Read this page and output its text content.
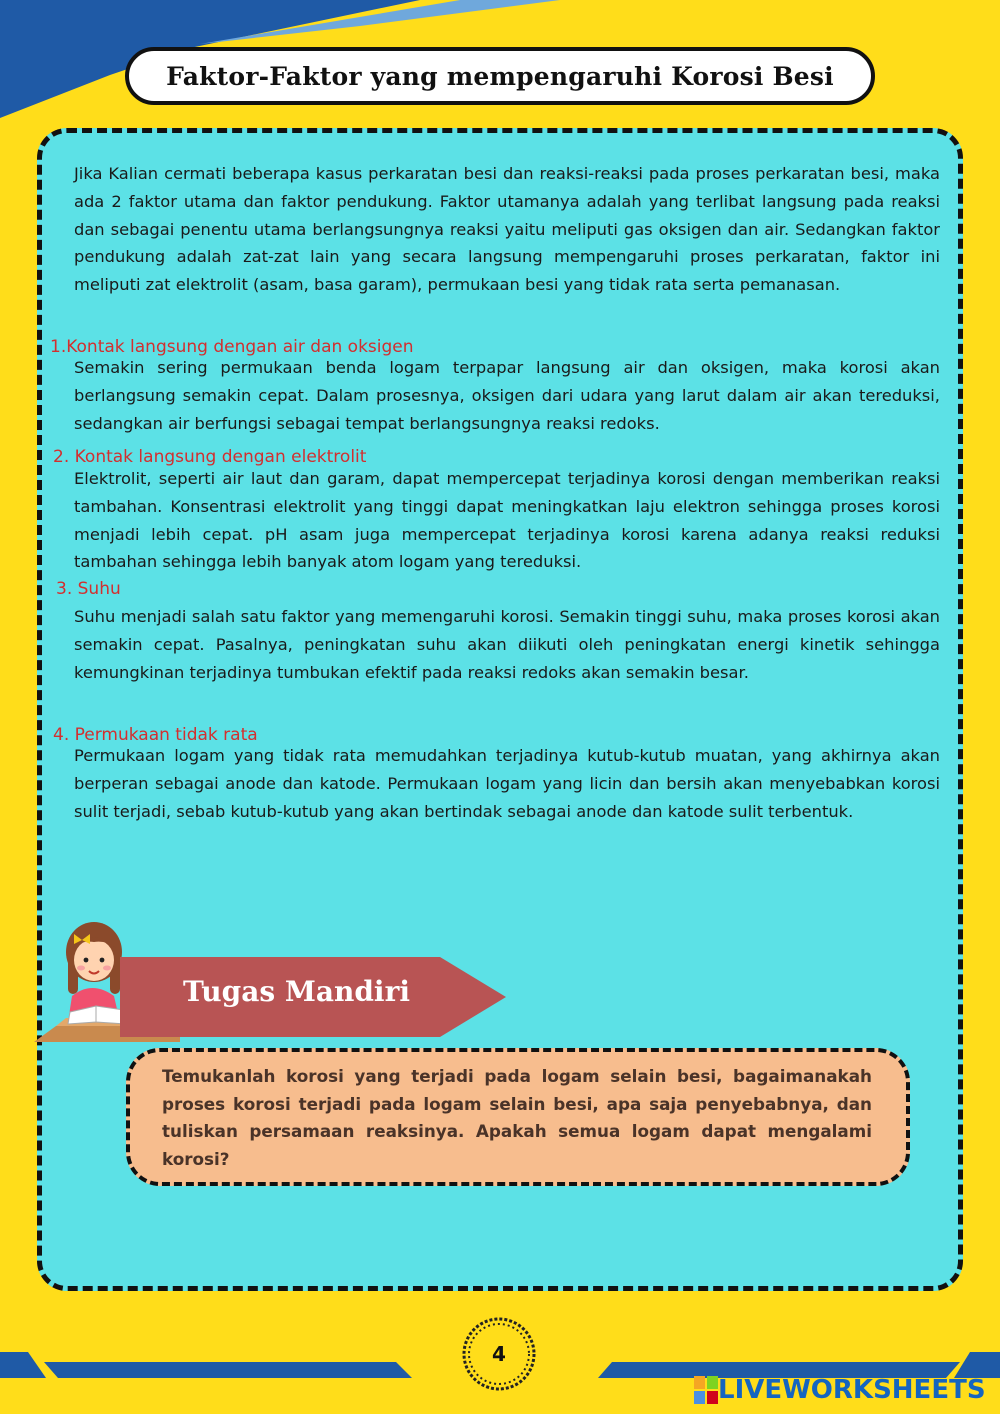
Faktor-Faktor yang mempengaruhi Korosi Besi

Jika Kalian cermati beberapa kasus perkaratan besi dan reaksi-reaksi pada proses perkaratan besi, maka ada 2 faktor utama dan faktor pendukung. Faktor utamanya adalah yang terlibat langsung pada reaksi dan sebagai penentu utama berlangsungnya reaksi yaitu meliputi gas oksigen dan air. Sedangkan faktor pendukung adalah zat-zat lain yang secara langsung mempengaruhi proses perkaratan, faktor ini meliputi zat elektrolit (asam, basa garam), permukaan besi yang tidak rata serta pemanasan.

1.Kontak langsung dengan air dan oksigen

Semakin sering permukaan benda logam terpapar langsung air dan oksigen, maka korosi akan berlangsung semakin cepat. Dalam prosesnya, oksigen dari udara yang larut dalam air akan tereduksi, sedangkan air berfungsi sebagai tempat berlangsungnya reaksi redoks.

2. Kontak langsung dengan elektrolit

Elektrolit, seperti air laut dan garam, dapat mempercepat terjadinya korosi dengan memberikan reaksi tambahan. Konsentrasi elektrolit yang tinggi dapat meningkatkan laju elektron sehingga proses korosi menjadi lebih cepat. pH asam juga mempercepat terjadinya korosi karena adanya reaksi reduksi tambahan sehingga lebih banyak atom logam yang tereduksi.

3. Suhu

Suhu menjadi salah satu faktor yang memengaruhi korosi. Semakin tinggi suhu, maka proses korosi akan semakin cepat. Pasalnya, peningkatan suhu akan diikuti oleh peningkatan energi kinetik sehingga kemungkinan terjadinya tumbukan efektif pada reaksi redoks akan semakin besar.

4. Permukaan tidak rata

Permukaan logam yang tidak rata memudahkan terjadinya kutub-kutub muatan, yang akhirnya akan berperan sebagai anode dan katode. Permukaan logam yang licin dan bersih akan menyebabkan korosi sulit terjadi, sebab kutub-kutub yang akan bertindak sebagai anode dan katode sulit terbentuk.

Tugas Mandiri

Temukanlah korosi yang terjadi pada logam selain besi, bagaimanakah proses korosi terjadi pada logam selain besi, apa saja penyebabnya, dan tuliskan persamaan reaksinya. Apakah semua logam dapat mengalami korosi?

4
LIVEWORKSHEETS
